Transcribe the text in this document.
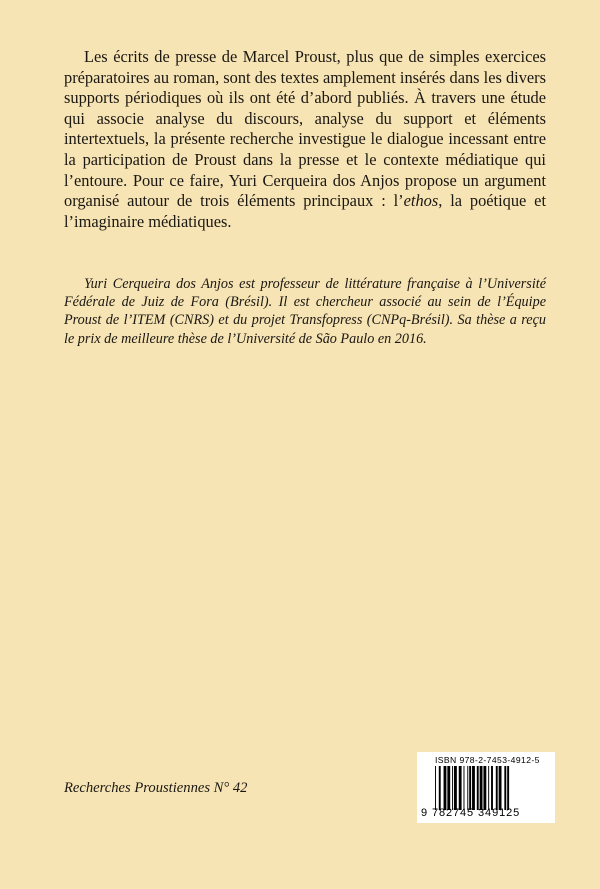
Les écrits de presse de Marcel Proust, plus que de simples exercices préparatoires au roman, sont des textes amplement insérés dans les divers supports périodiques où ils ont été d’abord publiés. À travers une étude qui associe analyse du discours, analyse du support et éléments intertextuels, la présente recherche investigue le dialogue incessant entre la participation de Proust dans la presse et le contexte médiatique qui l’entoure. Pour ce faire, Yuri Cerqueira dos Anjos propose un argument organisé autour de trois éléments principaux : l’ethos, la poétique et l’imaginaire médiatiques.

Yuri Cerqueira dos Anjos est professeur de littérature française à l’Université Fédérale de Juiz de Fora (Brésil). Il est chercheur associé au sein de l’Équipe Proust de l’ITEM (CNRS) et du projet Transfopress (CNPq-Brésil). Sa thèse a reçu le prix de meilleure thèse de l’Université de São Paulo en 2016.

Recherches Proustiennes N° 42
ISBN 978-2-7453-4912-5
9 782745 349125
